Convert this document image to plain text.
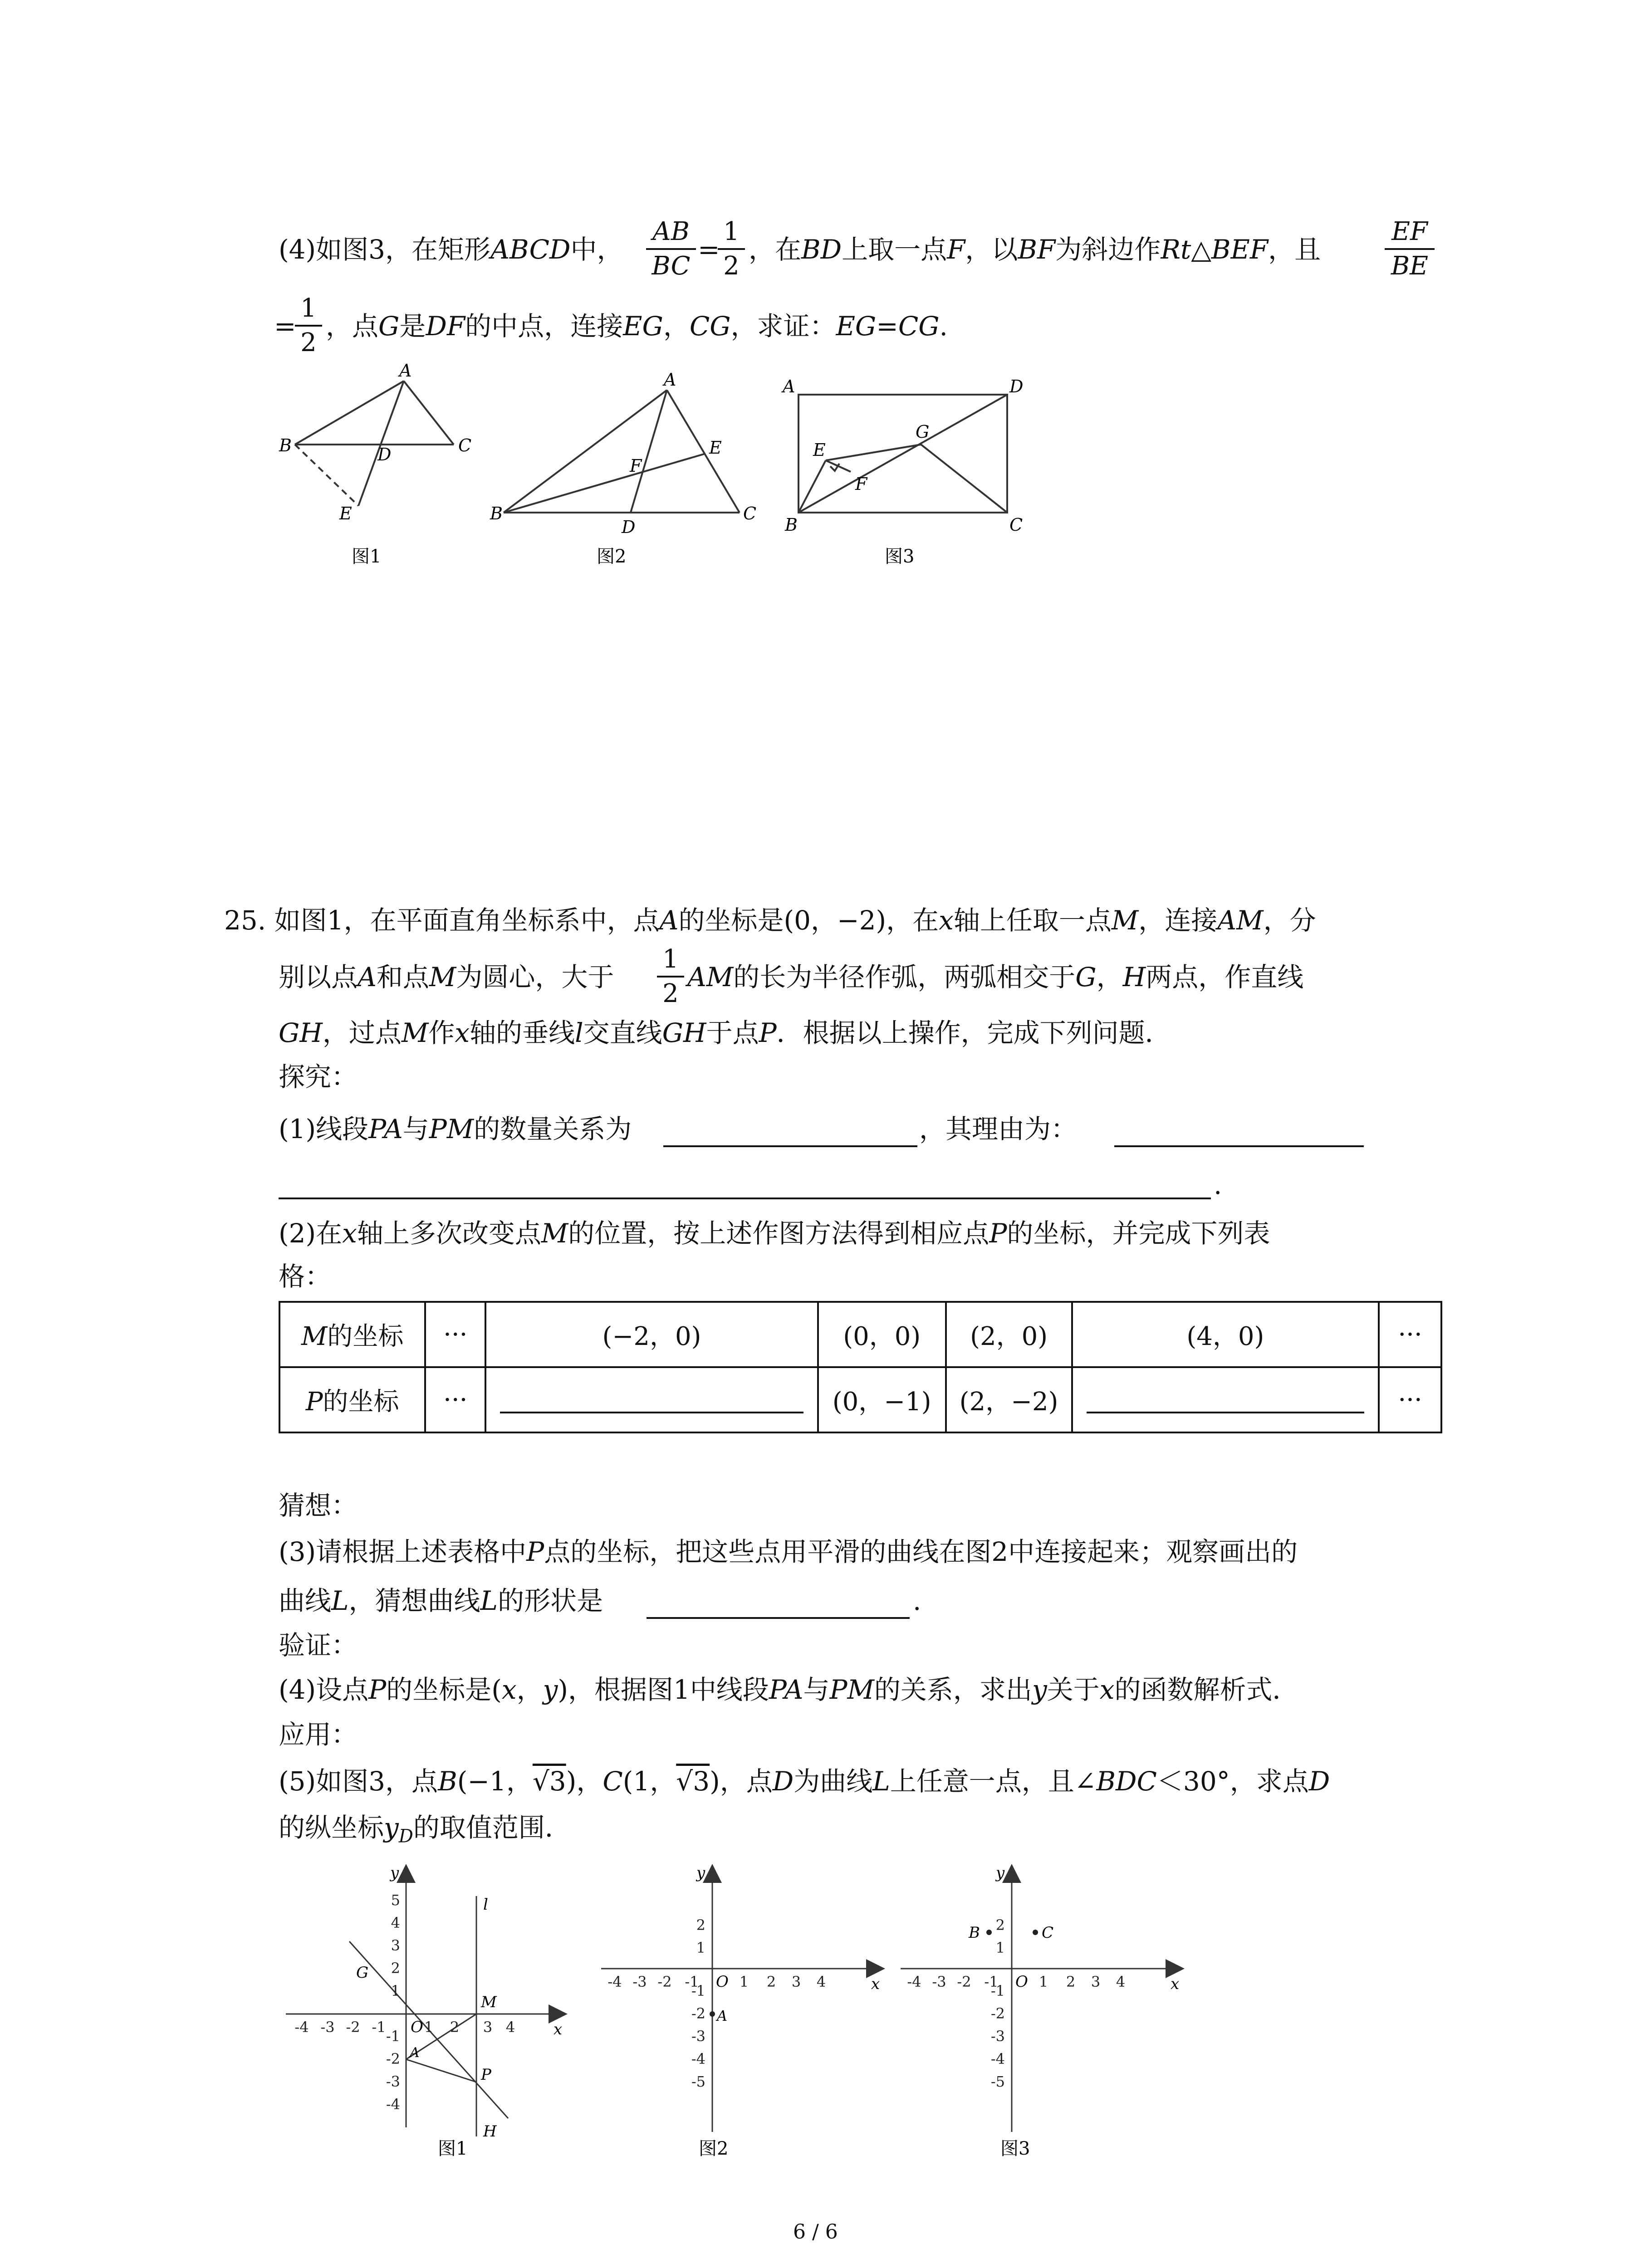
(4)如图3，在矩形ABCD中，
AB
BC
=
1
2
，在BD上取一点F，以BF为斜边作Rt△BEF，且
EF
BE
=
1
2
，点G是DF的中点，连接EG，CG，求证：EG=CG.
A
B	C
D
E
图1
A
B	C
D
E
F
图2
A
B	C
D
E
F
G
图3
25. 如图1，在平面直角坐标系中，点A的坐标是(0，−2)，在x轴上任取一点M，连接AM，分
别以点A和点M为圆心，大于
1
2
AM的长为半径作弧，两弧相交于G，H两点，作直线
GH，过点M作x轴的垂线l交直线GH于点P．根据以上操作，完成下列问题．
探究：
(1)线段PA与PM的数量关系为	，其理由为：
.
(2)在x轴上多次改变点M的位置，按上述作图方法得到相应点P的坐标，并完成下列表
格：
M的坐标	···	(−2，0)	(0，0)	(2，0)	(4，0)	···
P的坐标	···		(0，−1)	(2，−2)		···
猜想：
(3)请根据上述表格中P点的坐标，把这些点用平滑的曲线在图2中连接起来；观察画出的
曲线L，猜想曲线L的形状是	.
验证：
(4)设点P的坐标是(x，y)，根据图1中线段PA与PM的关系，求出y关于x的函数解析式．
应用：
(5)如图3，点B(−1，√3)，C(1，√3)，点D为曲线L上任意一点，且∠BDC＜30°，求点D
的纵坐标$y_D$的取值范围．
-4 -3 -2 -1	1 2 3 4
1
2
3
4
5
-1
-2
-3
-4
x
y
O
l
G
M
A
P
H
图1
-4 -3 -2 -1	1 2 3 4
1
2
-1
-2
-3
-4
-5
A
x
y
O
图2
-4 -3 -2 -1	1 2 3 4
1
2
-1
-2
-3
-4
-5
B	C
x
y
O
图3
6 / 6
